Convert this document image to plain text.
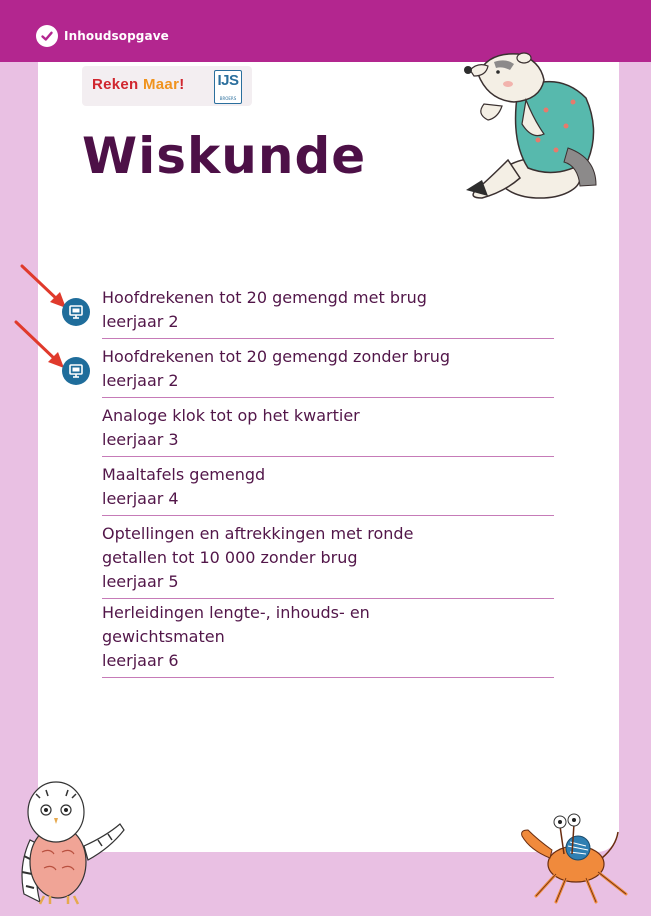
Inhoudsopgave
Reken Maar! IJS
BROERS
Wiskunde
Hoofdrekenen tot 20 gemengd met brug
leerjaar 2
Hoofdrekenen tot 20 gemengd zonder brug
leerjaar 2
Analoge klok tot op het kwartier
leerjaar 3
Maaltafels gemengd
leerjaar 4
Optellingen en aftrekkingen met ronde getallen tot 10 000 zonder brug
leerjaar 5
Herleidingen lengte-, inhouds- en gewichtsmaten
leerjaar 6
